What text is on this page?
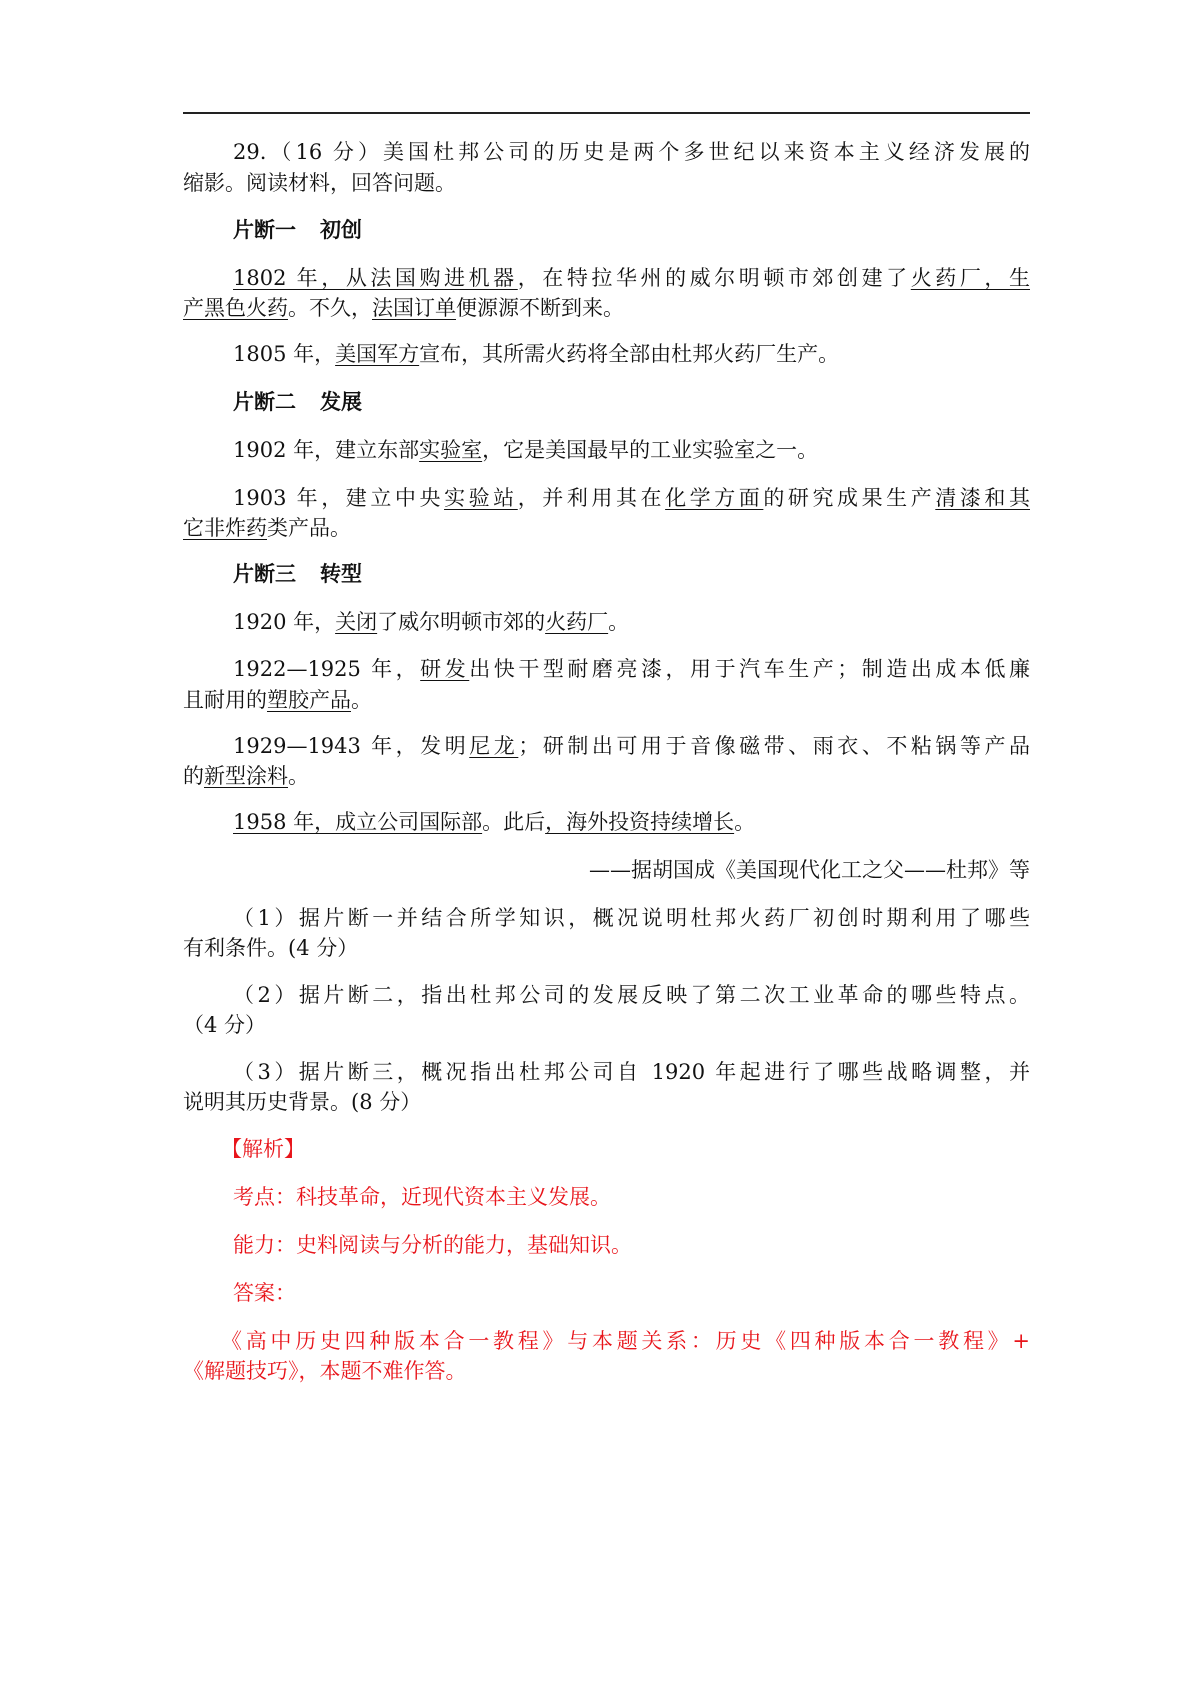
29.（16 分）美国杜邦公司的历史是两个多世纪以来资本主义经济发展的
缩影。阅读材料，回答问题。
片断一 初创
1802 年，从法国购进机器，在特拉华州的威尔明顿市郊创建了火药厂，生
产黑色火药。不久，法国订单便源源不断到来。
1805 年，美国军方宣布，其所需火药将全部由杜邦火药厂生产。
片断二 发展
1902 年，建立东部实验室，它是美国最早的工业实验室之一。
1903 年，建立中央实验站，并利用其在化学方面的研究成果生产清漆和其
它非炸药类产品。
片断三 转型
1920 年，关闭了威尔明顿市郊的火药厂。
1922—1925 年，研发出快干型耐磨亮漆，用于汽车生产；制造出成本低廉
且耐用的塑胶产品。
1929—1943 年，发明尼龙；研制出可用于音像磁带、雨衣、不粘锅等产品
的新型涂料。
1958 年，成立公司国际部。此后，海外投资持续增长。
——据胡国成《美国现代化工之父——杜邦》等
（1）据片断一并结合所学知识，概况说明杜邦火药厂初创时期利用了哪些
有利条件。(4 分）
（2）据片断二，指出杜邦公司的发展反映了第二次工业革命的哪些特点。
（4 分）
（3）据片断三，概况指出杜邦公司自 1920 年起进行了哪些战略调整，并
说明其历史背景。(8 分）
【解析】
考点：科技革命，近现代资本主义发展。
能力：史料阅读与分析的能力，基础知识。
答案：
《高中历史四种版本合一教程》与本题关系：历史《四种版本合一教程》+
《解题技巧》，本题不难作答。
